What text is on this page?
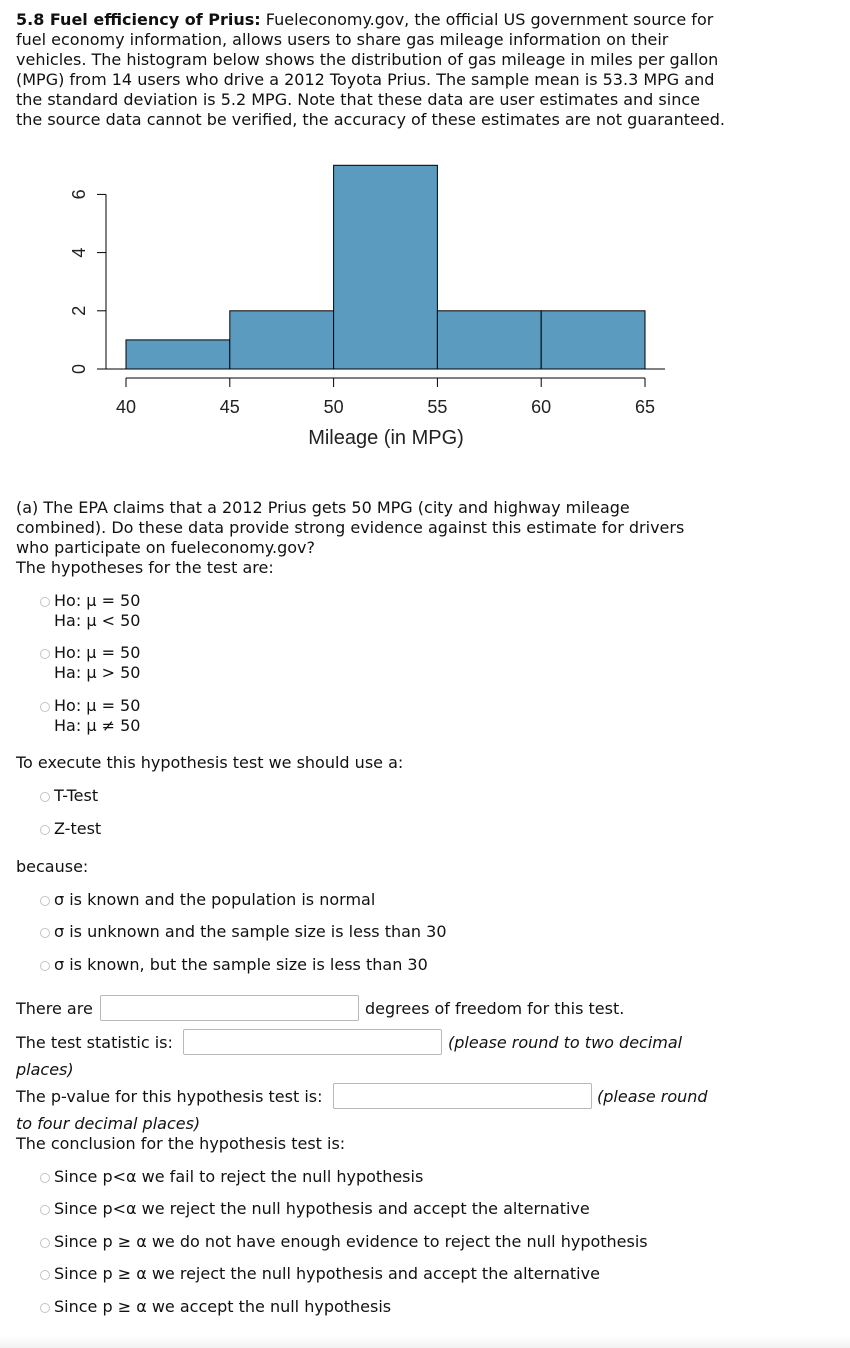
5.8 Fuel efficiency of Prius: Fueleconomy.gov, the official US government source for fuel economy information, allows users to share gas mileage information on their vehicles. The histogram below shows the distribution of gas mileage in miles per gallon (MPG) from 14 users who drive a 2012 Toyota Prius. The sample mean is 53.3 MPG and the standard deviation is 5.2 MPG. Note that these data are user estimates and since the source data cannot be verified, the accuracy of these estimates are not guaranteed.
0
2
4
6
40	45	50	55	60	65
Mileage (in MPG)
(a) The EPA claims that a 2012 Prius gets 50 MPG (city and highway mileage combined). Do these data provide strong evidence against this estimate for drivers who participate on fueleconomy.gov?
The hypotheses for the test are:
Ho: μ = 50
Ha: μ < 50
Ho: μ = 50
Ha: μ > 50
Ho: μ = 50
Ha: μ ≠ 50
To execute this hypothesis test we should use a:
T-Test
Z-test
because:
σ is known and the population is normal
σ is unknown and the sample size is less than 30
σ is known, but the sample size is less than 30
There are	degrees of freedom for this test.
The test statistic is:	(please round to two decimal
places)
The p-value for this hypothesis test is:	(please round
to four decimal places)
The conclusion for the hypothesis test is:
Since p<α we fail to reject the null hypothesis
Since p<α we reject the null hypothesis and accept the alternative
Since p ≥ α we do not have enough evidence to reject the null hypothesis
Since p ≥ α we reject the null hypothesis and accept the alternative
Since p ≥ α we accept the null hypothesis
